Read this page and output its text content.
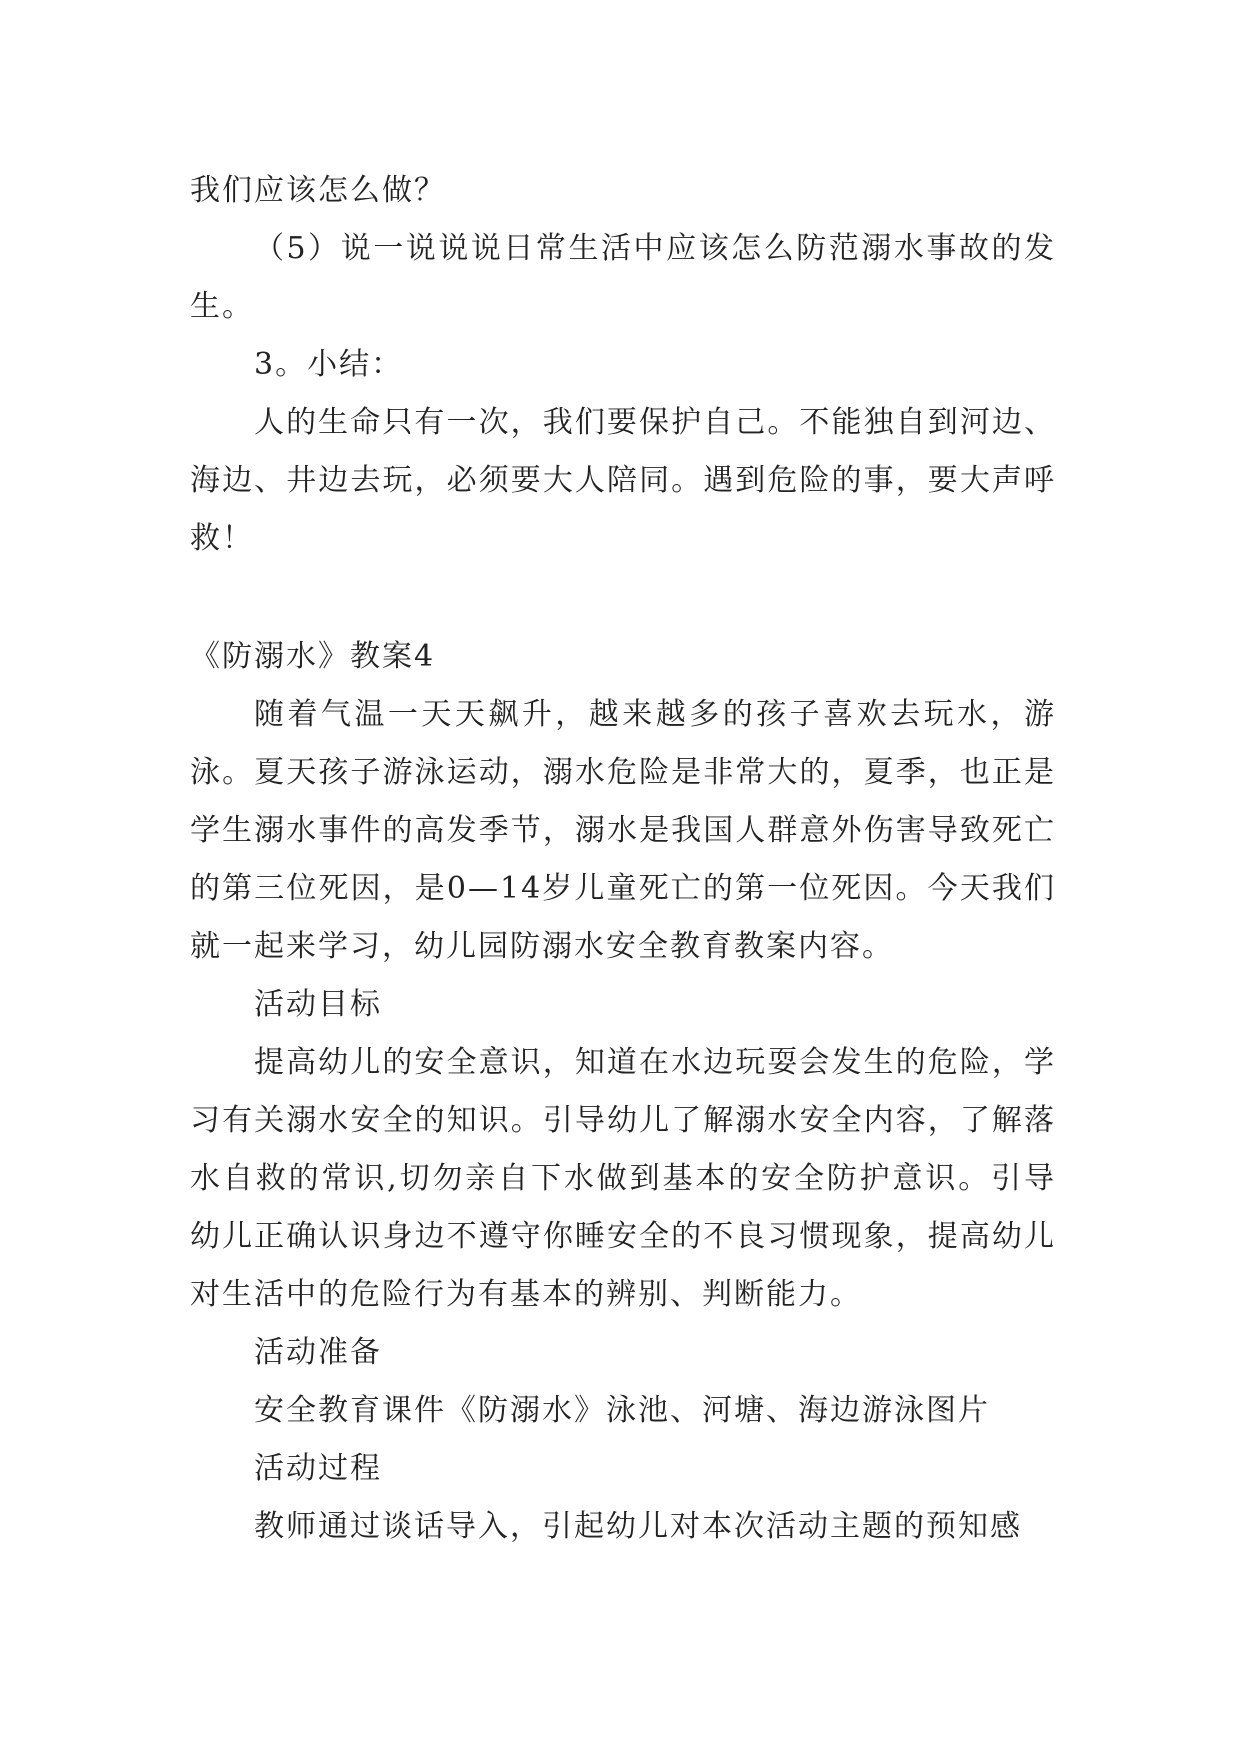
我们应该怎么做？

（5）说一说说说日常生活中应该怎么防范溺水事故的发生。

3。小结：

人的生命只有一次，我们要保护自己。不能独自到河边、海边、井边去玩，必须要大人陪同。遇到危险的事，要大声呼救！

《防溺水》教案4

随着气温一天天飙升，越来越多的孩子喜欢去玩水，游泳。夏天孩子游泳运动，溺水危险是非常大的，夏季，也正是学生溺水事件的高发季节，溺水是我国人群意外伤害导致死亡的第三位死因，是0—14岁儿童死亡的第一位死因。今天我们就一起来学习，幼儿园防溺水安全教育教案内容。

活动目标

提高幼儿的安全意识，知道在水边玩耍会发生的危险，学习有关溺水安全的知识。引导幼儿了解溺水安全内容，了解落水自救的常识,切勿亲自下水做到基本的安全防护意识。引导幼儿正确认识身边不遵守你睡安全的不良习惯现象，提高幼儿对生活中的危险行为有基本的辨别、判断能力。

活动准备

安全教育课件《防溺水》泳池、河塘、海边游泳图片

活动过程

教师通过谈话导入，引起幼儿对本次活动主题的预知感
